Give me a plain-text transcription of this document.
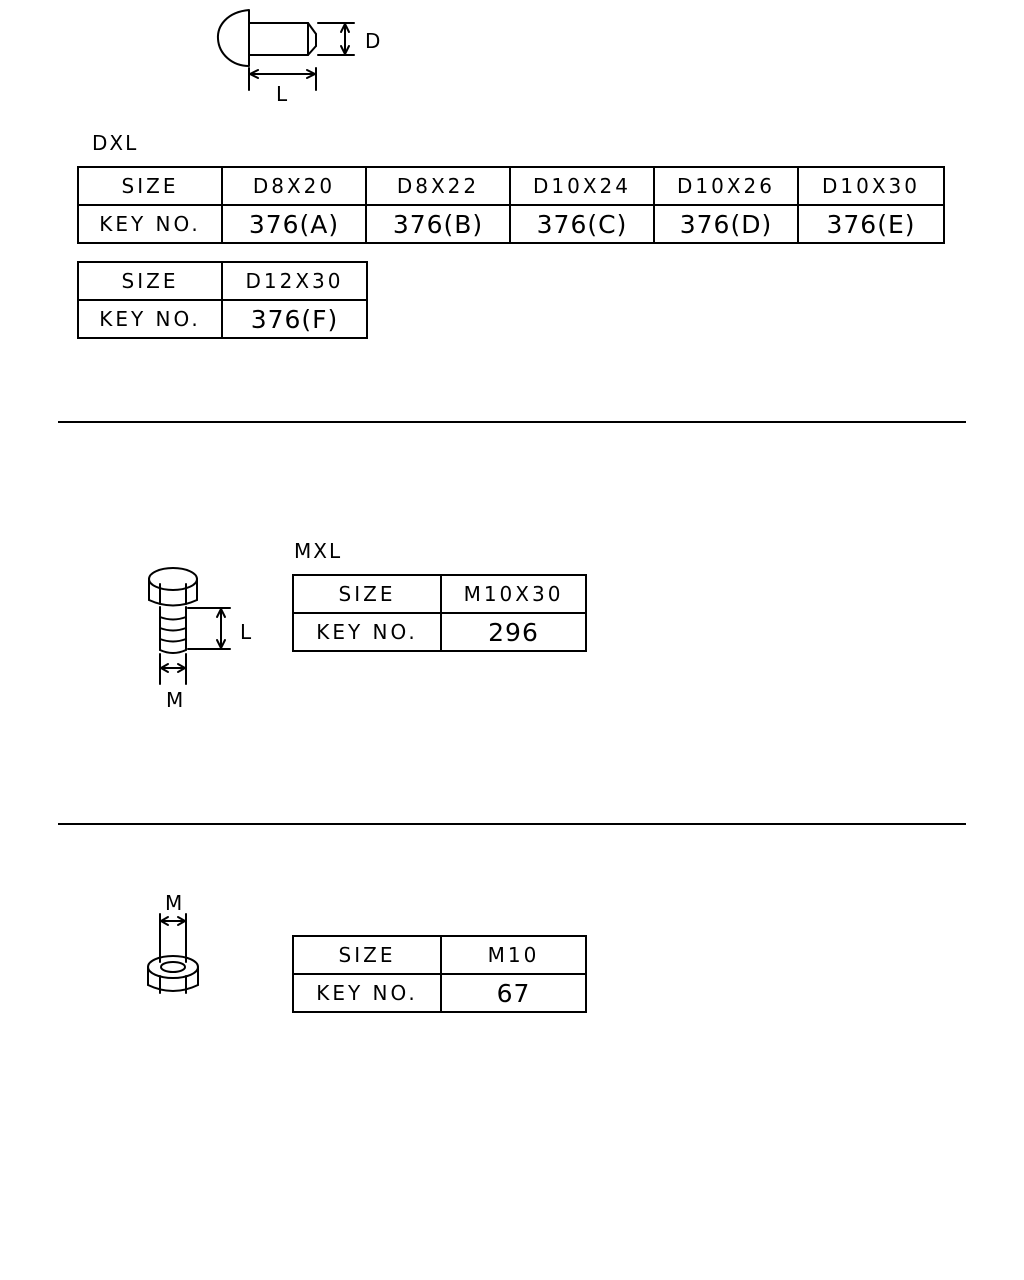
D
L
DXL
SIZE	D8X20	D8X22	D10X24	D10X26	D10X30
KEY NO.	376(A)	376(B)	376(C)	376(D)	376(E)
SIZE	D12X30
KEY NO.	376(F)
MXL
L
M
SIZE	M10X30
KEY NO.	296
M
SIZE	M10
KEY NO.	67
